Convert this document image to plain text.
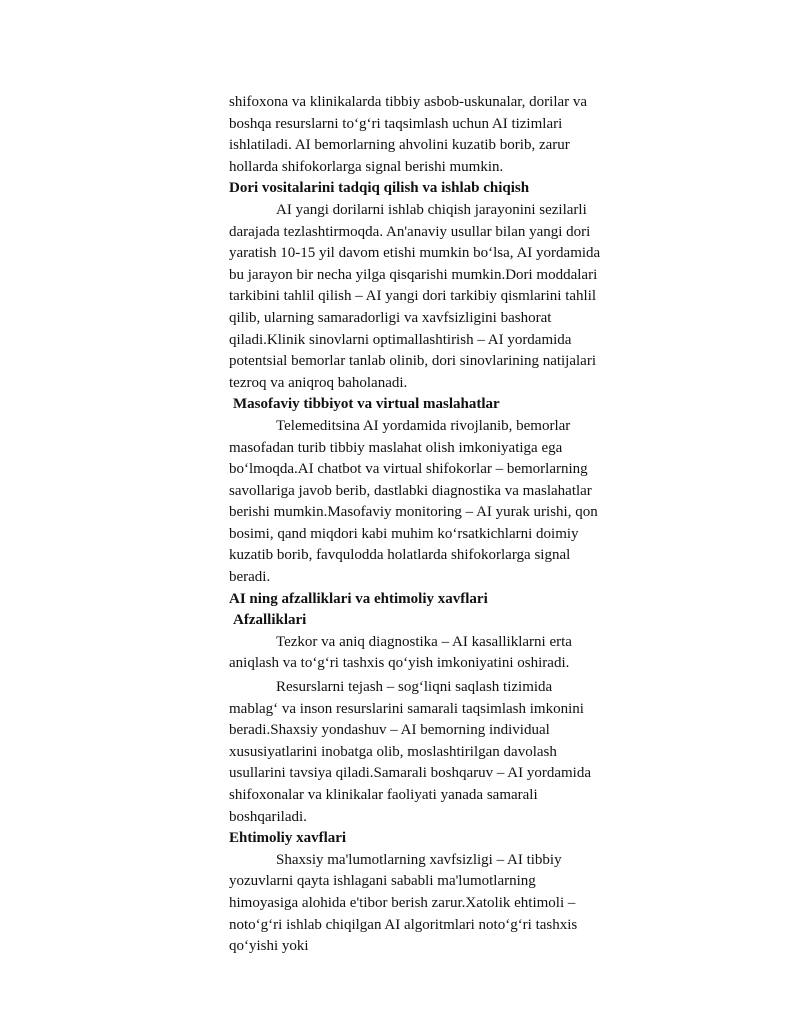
shifoxona va klinikalarda tibbiy asbob-uskunalar, dorilar va boshqa resurslarni to‘g‘ri taqsimlash uchun AI tizimlari ishlatiladi. AI bemorlarning ahvolini kuzatib borib, zarur hollarda shifokorlarga signal berishi mumkin.

Dori vositalarini tadqiq qilish va ishlab chiqish

AI yangi dorilarni ishlab chiqish jarayonini sezilarli darajada tezlashtirmoqda. An'anaviy usullar bilan yangi dori yaratish 10-15 yil davom etishi mumkin bo‘lsa, AI yordamida bu jarayon bir necha yilga qisqarishi mumkin.Dori moddalari tarkibini tahlil qilish – AI yangi dori tarkibiy qismlarini tahlil qilib, ularning samaradorligi va xavfsizligini bashorat qiladi.Klinik sinovlarni optimallashtirish – AI yordamida potentsial bemorlar tanlab olinib, dori sinovlarining natijalari tezroq va aniqroq baholanadi.

Masofaviy tibbiyot va virtual maslahatlar

Telemeditsina AI yordamida rivojlanib, bemorlar masofadan turib tibbiy maslahat olish imkoniyatiga ega bo‘lmoqda.AI chatbot va virtual shifokorlar – bemorlarning savollariga javob berib, dastlabki diagnostika va maslahatlar berishi mumkin.Masofaviy monitoring – AI yurak urishi, qon bosimi, qand miqdori kabi muhim ko‘rsatkichlarni doimiy kuzatib borib, favqulodda holatlarda shifokorlarga signal beradi.

AI ning afzalliklari va ehtimoliy xavflari
Afzalliklari

Tezkor va aniq diagnostika – AI kasalliklarni erta aniqlash va to‘g‘ri tashxis qo‘yish imkoniyatini oshiradi.

Resurslarni tejash – sog‘liqni saqlash tizimida mablag‘ va inson resurslarini samarali taqsimlash imkonini beradi.Shaxsiy yondashuv – AI bemorning individual xususiyatlarini inobatga olib, moslashtirilgan davolash usullarini tavsiya qiladi.Samarali boshqaruv – AI yordamida shifoxonalar va klinikalar faoliyati yanada samarali boshqariladi.

Ehtimoliy xavflari

Shaxsiy ma'lumotlarning xavfsizligi – AI tibbiy yozuvlarni qayta ishlagani sababli ma'lumotlarning himoyasiga alohida e'tibor berish zarur.Xatolik ehtimoli – noto‘g‘ri ishlab chiqilgan AI algoritmlari noto‘g‘ri tashxis qo‘yishi yoki
